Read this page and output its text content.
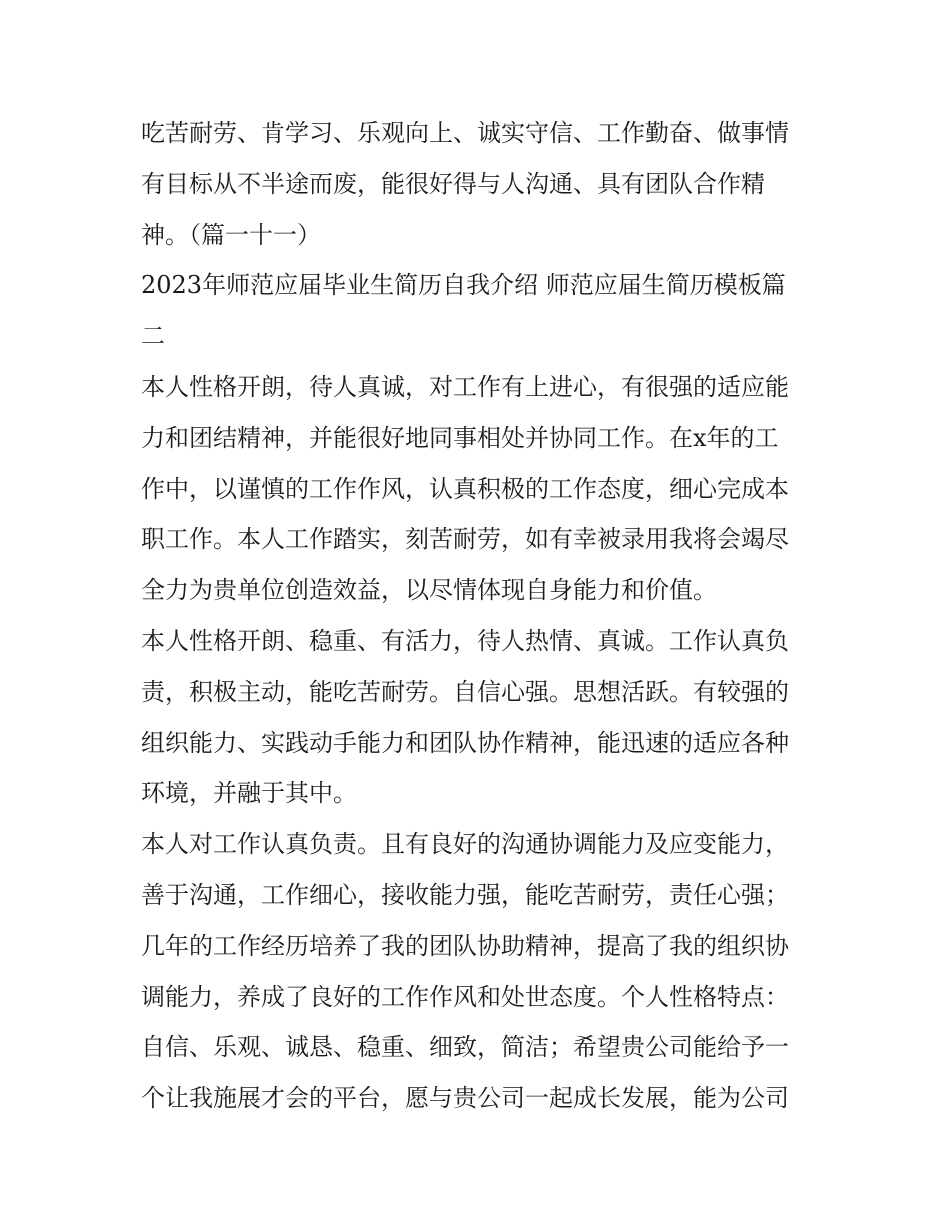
吃苦耐劳、肯学习、乐观向上、诚实守信、工作勤奋、做事情
有目标从不半途而废，能很好得与人沟通、具有团队合作精
神。（篇一十一）
2023年师范应届毕业生简历自我介绍 师范应届生简历模板篇
二
本人性格开朗，待人真诚，对工作有上进心，有很强的适应能
力和团结精神，并能很好地同事相处并协同工作。在x年的工
作中，以谨慎的工作作风，认真积极的工作态度，细心完成本
职工作。本人工作踏实，刻苦耐劳，如有幸被录用我将会竭尽
全力为贵单位创造效益，以尽情体现自身能力和价值。
本人性格开朗、稳重、有活力，待人热情、真诚。工作认真负
责，积极主动，能吃苦耐劳。自信心强。思想活跃。有较强的
组织能力、实践动手能力和团队协作精神，能迅速的适应各种
环境，并融于其中。
本人对工作认真负责。且有良好的沟通协调能力及应变能力，
善于沟通，工作细心，接收能力强，能吃苦耐劳，责任心强；
几年的工作经历培养了我的团队协助精神，提高了我的组织协
调能力，养成了良好的工作作风和处世态度。个人性格特点：
自信、乐观、诚恳、稳重、细致，简洁；希望贵公司能给予一
个让我施展才会的平台，愿与贵公司一起成长发展，能为公司
